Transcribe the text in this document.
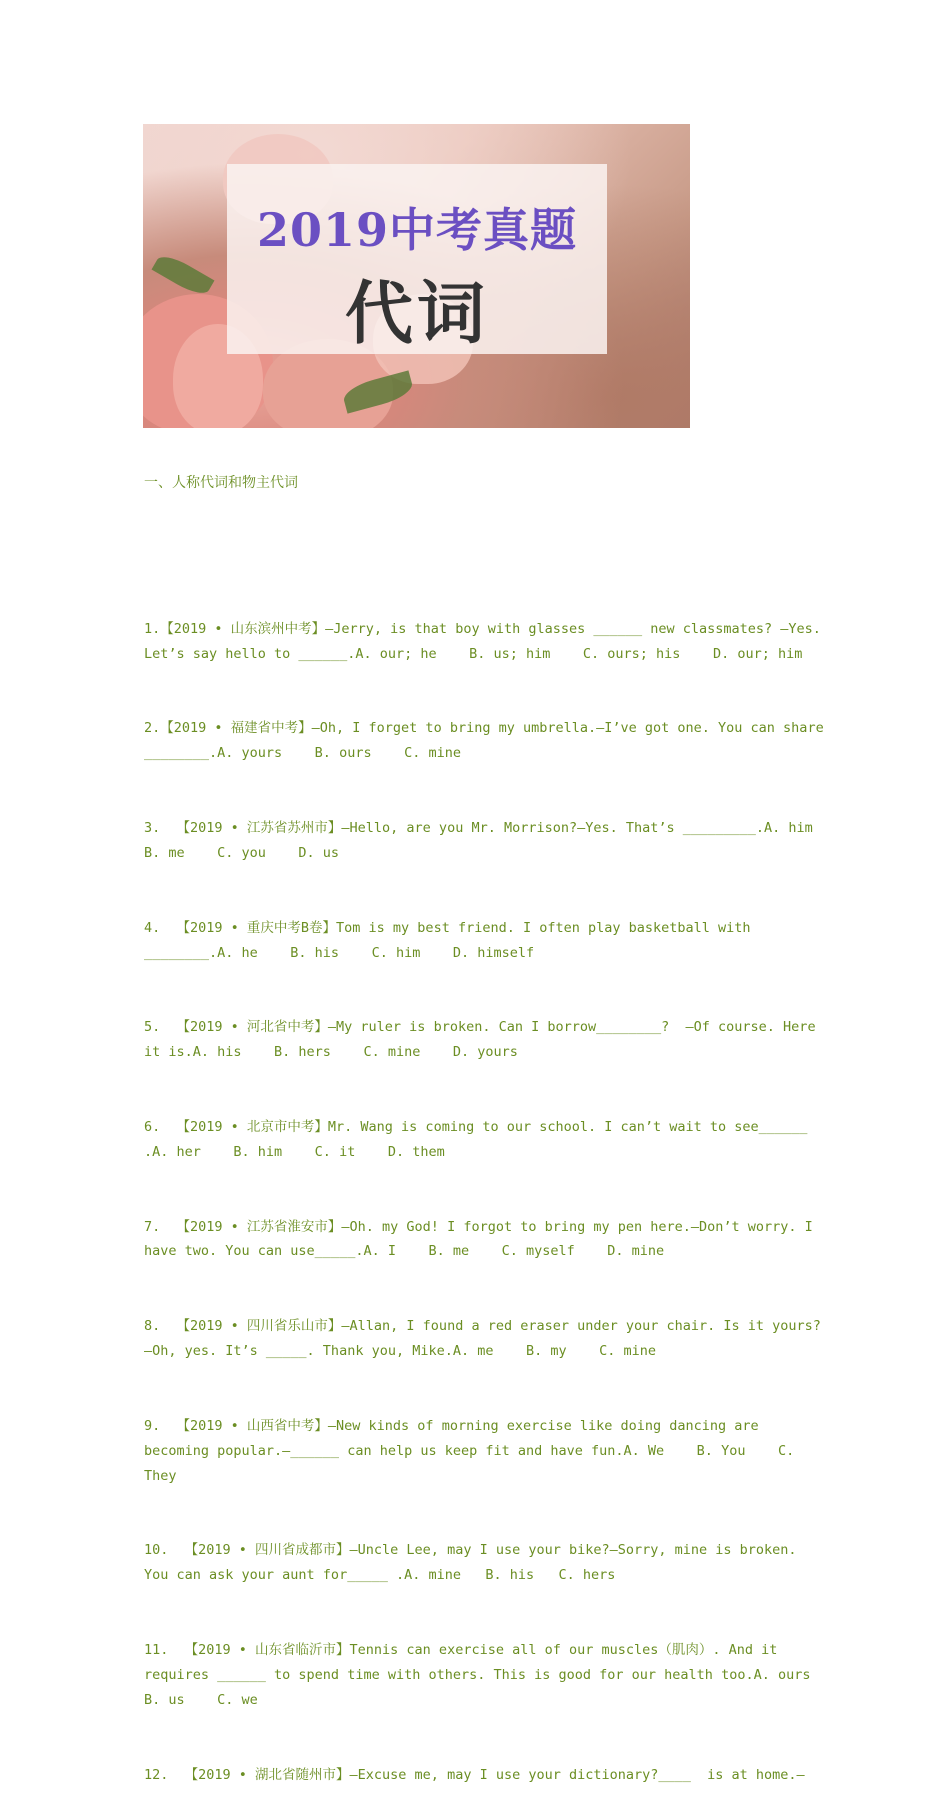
2019中考真题
代词
一、人称代词和物主代词

1.【2019 • 山东滨州中考】—Jerry, is that boy with glasses ______ new classmates? —Yes. Let’s say hello to ______.A. our; he    B. us; him    C. ours; his    D. our; him

2.【2019 • 福建省中考】—Oh, I forget to bring my umbrella.—I’ve got one. You can share ________.A. yours    B. ours    C. mine

3.  【2019 • 江苏省苏州市】—Hello, are you Mr. Morrison?—Yes. That’s _________.A. him    B. me    C. you    D. us

4.  【2019 • 重庆中考B卷】Tom is my best friend. I often play basketball with ________.A. he    B. his    C. him    D. himself

5.  【2019 • 河北省中考】—My ruler is broken. Can I borrow________?  —Of course. Here it is.A. his    B. hers    C. mine    D. yours

6.  【2019 • 北京市中考】Mr. Wang is coming to our school. I can’t wait to see______   .A. her    B. him    C. it    D. them

7.  【2019 • 江苏省淮安市】—Oh. my God! I forgot to bring my pen here.—Don’t worry. I have two. You can use_____.A. I    B. me    C. myself    D. mine

8.  【2019 • 四川省乐山市】—Allan, I found a red eraser under your chair. Is it yours? —Oh, yes. It’s _____. Thank you, Mike.A. me    B. my    C. mine

9.  【2019 • 山西省中考】—New kinds of morning exercise like doing dancing are becoming popular.—______ can help us keep fit and have fun.A. We    B. You    C. They

10.  【2019 • 四川省成都市】—Uncle Lee, may I use your bike?—Sorry, mine is broken. You can ask your aunt for_____ .A. mine   B. his   C. hers

11.  【2019 • 山东省临沂市】Tennis can exercise all of our muscles（肌肉）. And it requires ______ to spend time with others. This is good for our health too.A. ours    B. us    C. we

12.  【2019 • 湖北省随州市】—Excuse me, may I use your dictionary?____  is at home.—
